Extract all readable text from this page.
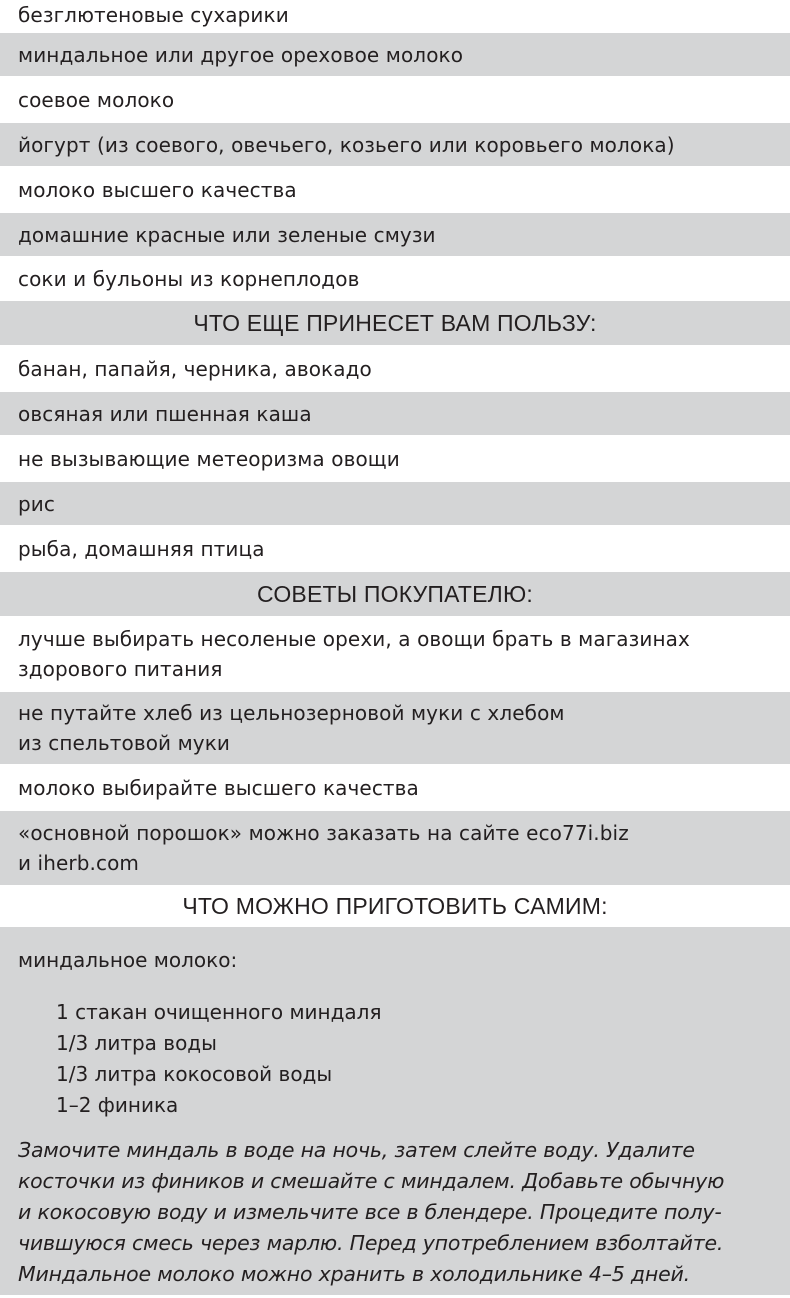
безглютеновые сухарики
миндальное или другое ореховое молоко
соевое молоко
йогурт (из соевого, овечьего, козьего или коровьего молока)
молоко высшего качества
домашние красные или зеленые смузи
соки и бульоны из корнеплодов
ЧТО ЕЩЕ ПРИНЕСЕТ ВАМ ПОЛЬЗУ:
банан, папайя, черника, авокадо
овсяная или пшенная каша
не вызывающие метеоризма овощи
рис
рыба, домашняя птица
СОВЕТЫ ПОКУПАТЕЛЮ:
лучше выбирать несоленые орехи, а овощи брать в магазинах
здорового питания
не путайте хлеб из цельнозерновой муки с хлебом
из спельтовой муки
молоко выбирайте высшего качества
«основной порошок» можно заказать на сайте eco77i.biz
и iherb.com
ЧТО МОЖНО ПРИГОТОВИТЬ САМИМ:
миндальное молоко:
1 стакан очищенного миндаля
1/3 литра воды
1/3 литра кокосовой воды
1–2 финика
Замочите миндаль в воде на ночь, затем слейте воду. Удалите
косточки из фиников и смешайте с миндалем. Добавьте обычную
и кокосовую воду и измельчите все в блендере. Процедите полу-
чившуюся смесь через марлю. Перед употреблением взболтайте.
Миндальное молоко можно хранить в холодильнике 4–5 дней.
